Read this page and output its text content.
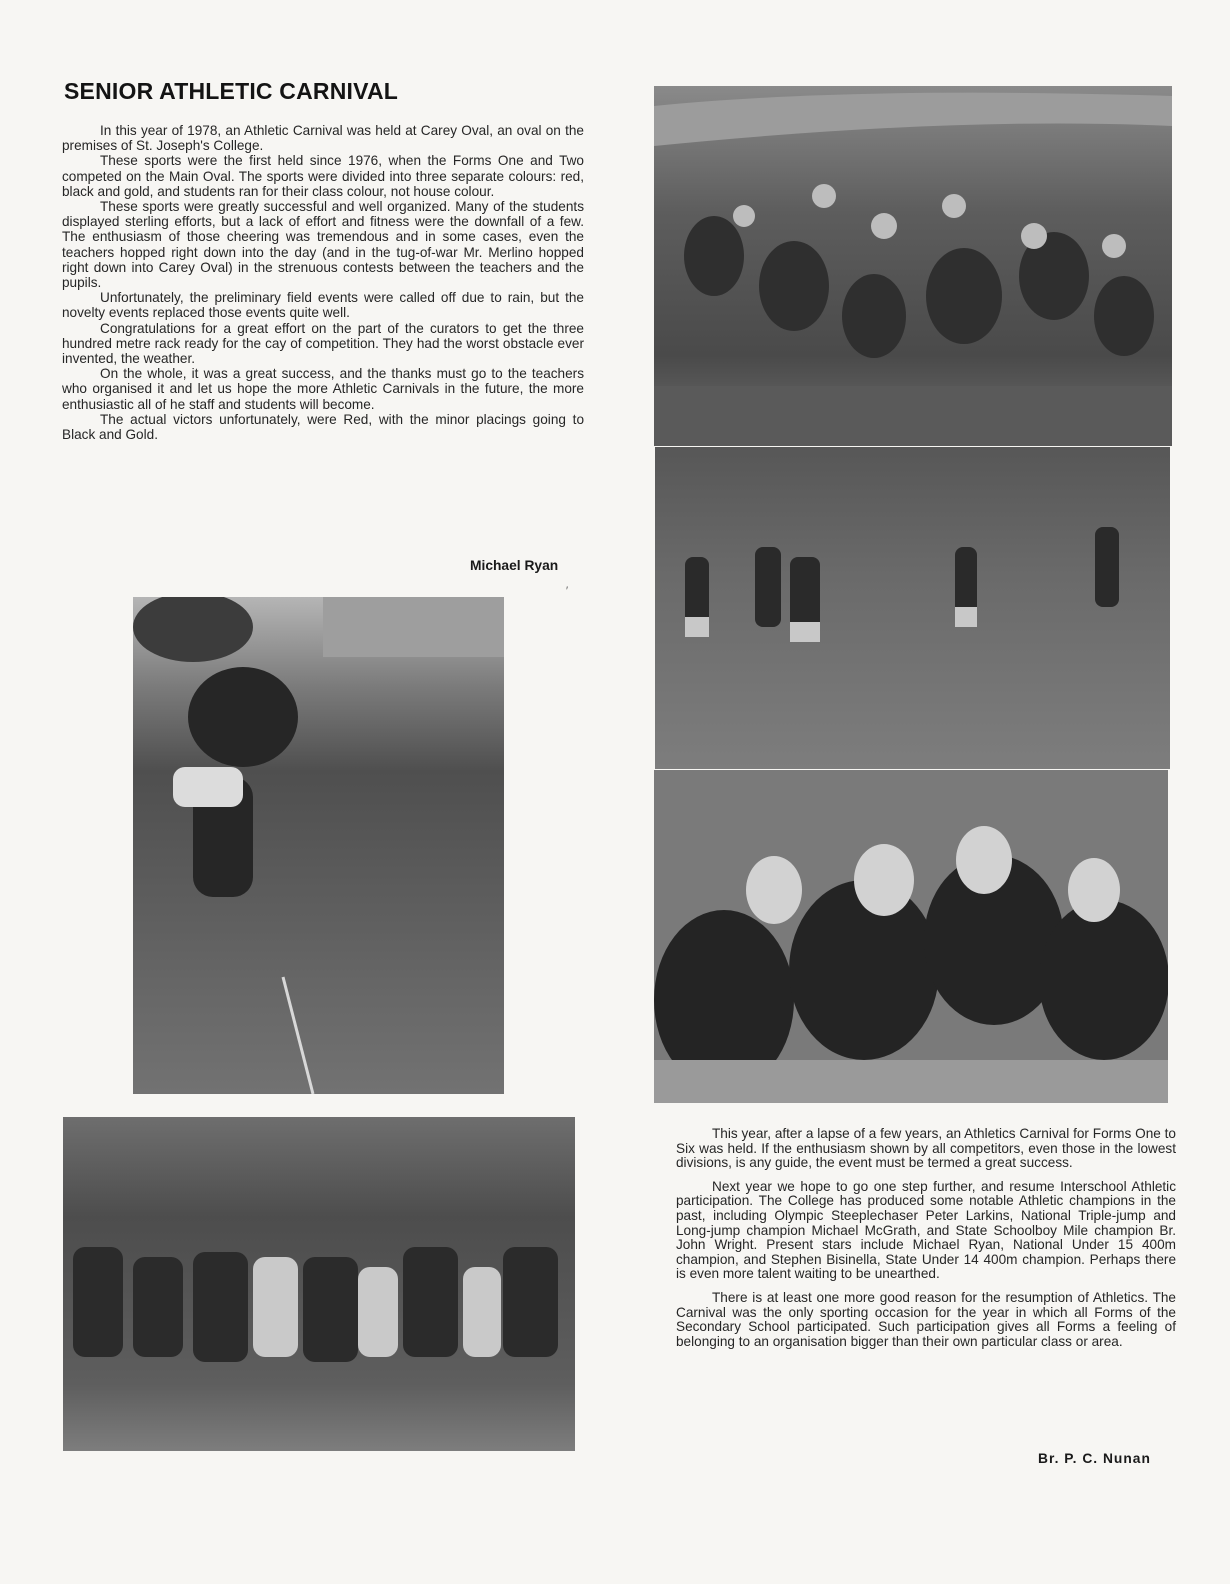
SENIOR ATHLETIC CARNIVAL

In this year of 1978, an Athletic Carnival was held at Carey Oval, an oval on the premises of St. Joseph's College.

These sports were the first held since 1976, when the Forms One and Two competed on the Main Oval. The sports were divided into three separate colours: red, black and gold, and students ran for their class colour, not house colour.

These sports were greatly successful and well organized. Many of the students displayed sterling efforts, but a lack of effort and fitness were the downfall of a few. The enthusiasm of those cheering was tremendous and in some cases, even the teachers hopped right down into the day (and in the tug-of-war Mr. Merlino hopped right down into Carey Oval) in the strenuous contests between the teachers and the pupils.

Unfortunately, the preliminary field events were called off due to rain, but the novelty events replaced those events quite well.

Congratulations for a great effort on the part of the curators to get the three hundred metre rack ready for the cay of competition. They had the worst obstacle ever invented, the weather.

On the whole, it was a great success, and the thanks must go to the teachers who organised it and let us hope the more Athletic Carnivals in the future, the more enthusiastic all of he staff and students will become.

The actual victors unfortunately, were Red, with the minor placings going to Black and Gold.

Michael Ryan
′

This year, after a lapse of a few years, an Athletics Carnival for Forms One to Six was held. If the enthusiasm shown by all competitors, even those in the lowest divisions, is any guide, the event must be termed a great success.

Next year we hope to go one step further, and resume Interschool Athletic participation. The College has produced some notable Athletic champions in the past, including Olympic Steeplechaser Peter Larkins, National Triple-jump and Long-jump champion Michael McGrath, and State Schoolboy Mile champion Br. John Wright. Present stars include Michael Ryan, National Under 15 400m champion, and Stephen Bisinella, State Under 14 400m champion. Perhaps there is even more talent waiting to be unearthed.

There is at least one more good reason for the resumption of Athletics. The Carnival was the only sporting occasion for the year in which all Forms of the Secondary School participated. Such participation gives all Forms a feeling of belonging to an organisation bigger than their own particular class or area.

Br. P. C. Nunan
